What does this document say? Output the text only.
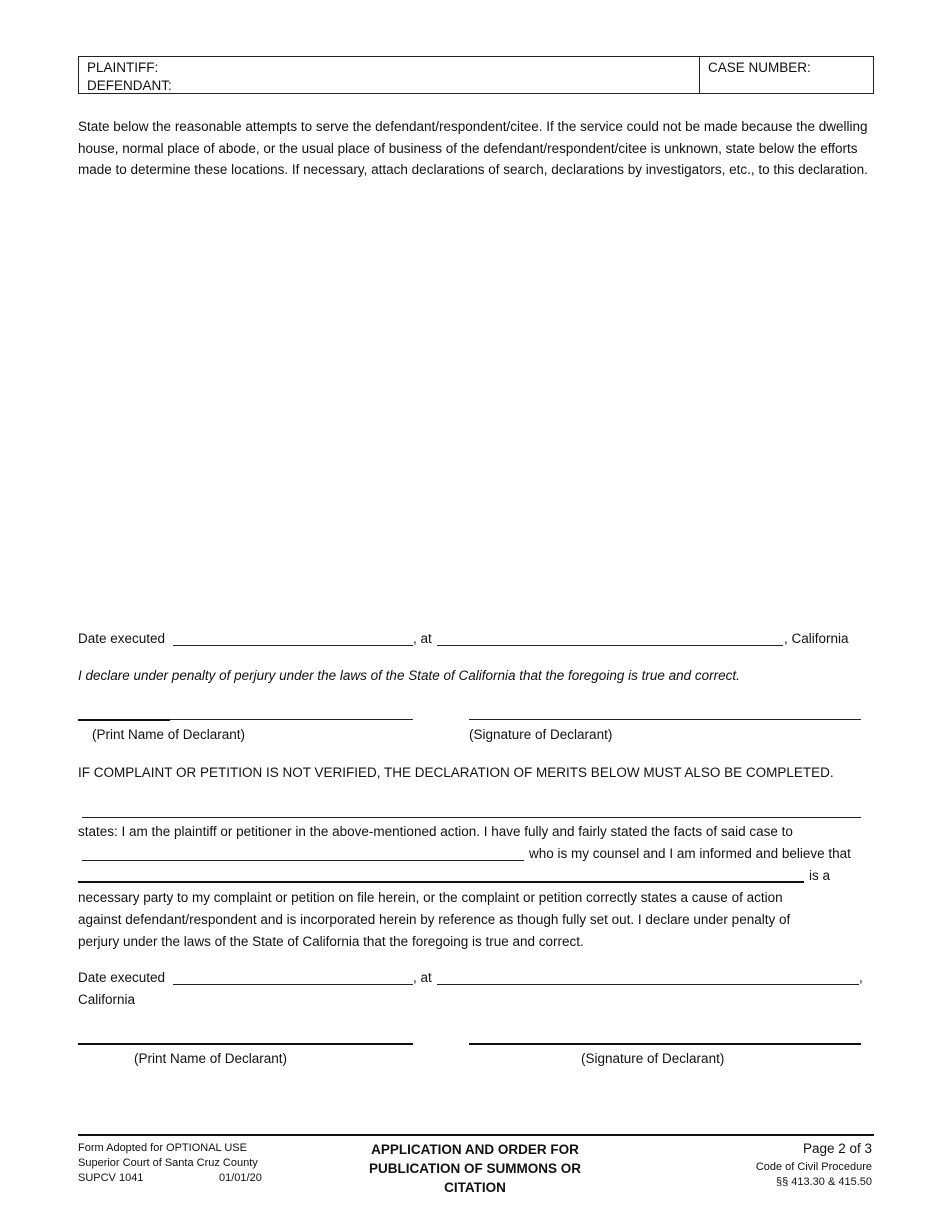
PLAINTIFF:
DEFENDANT:
CASE NUMBER:
State below the reasonable attempts to serve the defendant/respondent/citee. If the service could not be made because the dwelling house, normal place of abode, or the usual place of business of the defendant/respondent/citee is unknown, state below the efforts made to determine these locations. If necessary, attach declarations of search, declarations by investigators, etc., to this declaration.
Date executed	, at	, California
I declare under penalty of perjury under the laws of the State of California that the foregoing is true and correct.
(Print Name of Declarant)	(Signature of Declarant)
IF COMPLAINT OR PETITION IS NOT VERIFIED, THE DECLARATION OF MERITS BELOW MUST ALSO BE COMPLETED.
states: I am the plaintiff or petitioner in the above-mentioned action. I have fully and fairly stated the facts of said case to
who is my counsel and I am informed and believe that
is a
necessary party to my complaint or petition on file herein, or the complaint or petition correctly states a cause of action
against defendant/respondent and is incorporated herein by reference as though fully set out. I declare under penalty of
perjury under the laws of the State of California that the foregoing is true and correct.
Date executed	, at	,
California
(Print Name of Declarant)	(Signature of Declarant)
Form Adopted for OPTIONAL USE
Superior Court of Santa Cruz County
SUPCV 1041	01/01/20
APPLICATION AND ORDER FOR
PUBLICATION OF SUMMONS OR
CITATION
Page 2 of 3
Code of Civil Procedure
§§ 413.30 & 415.50
